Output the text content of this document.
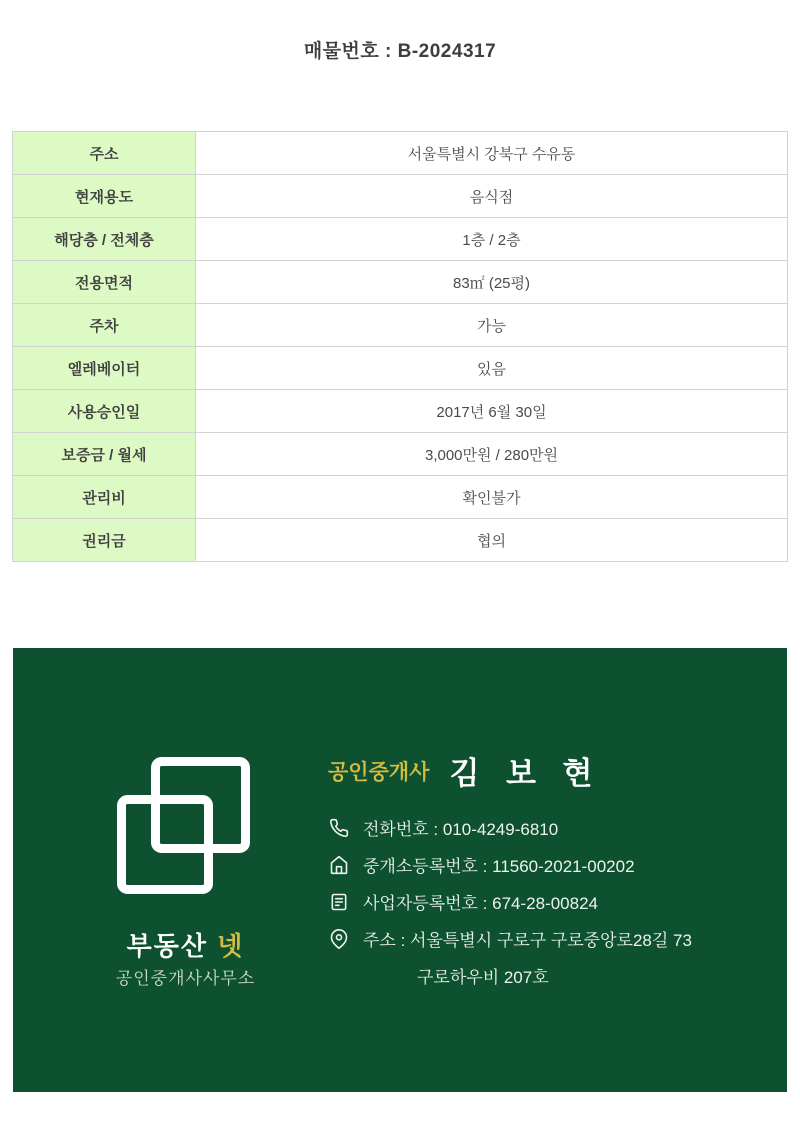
매물번호 : B-2024317
주소	서울특별시 강북구 수유동
현재용도	음식점
해당층 / 전체층	1층 / 2층
전용면적	83㎡ (25평)
주차	가능
엘레베이터	있음
사용승인일	2017년 6월 30일
보증금 / 월세	3,000만원 / 280만원
관리비	확인불가
권리금	협의
부동산 넷
공인중개사사무소
공인중개사 김 보 현
전화번호 : 010-4249-6810
중개소등록번호 : 11560-2021-00202
사업자등록번호 : 674-28-00824
주소 : 서울특별시 구로구 구로중앙로28길 73
구로하우비 207호
